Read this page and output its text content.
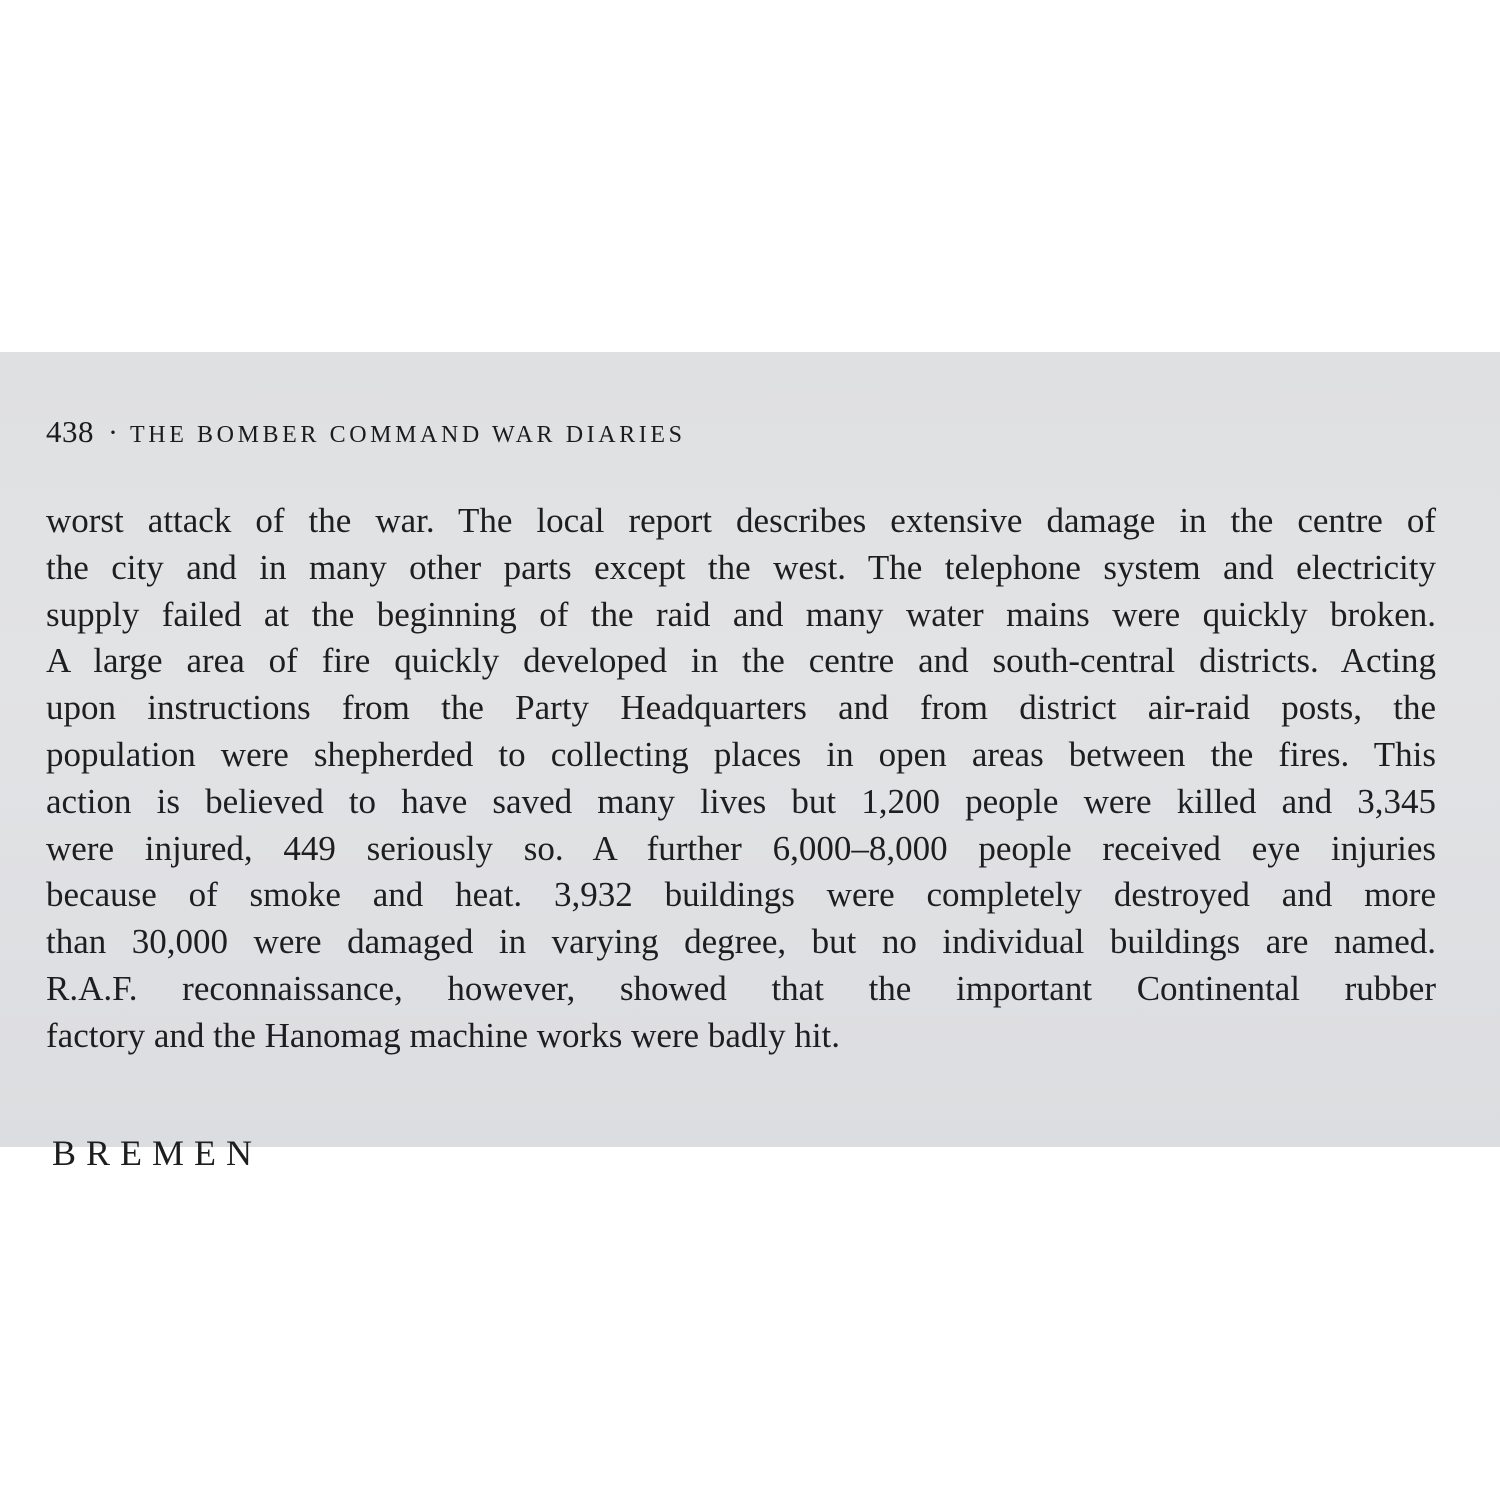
438 · THE BOMBER COMMAND WAR DIARIES
worst attack of the war. The local report describes extensive damage in the centre of
the city and in many other parts except the west. The telephone system and electricity
supply failed at the beginning of the raid and many water mains were quickly broken.
A large area of fire quickly developed in the centre and south-central districts. Acting
upon instructions from the Party Headquarters and from district air-raid posts, the
population were shepherded to collecting places in open areas between the fires. This
action is believed to have saved many lives but 1,200 people were killed and 3,345
were injured, 449 seriously so. A further 6,000–8,000 people received eye injuries
because of smoke and heat. 3,932 buildings were completely destroyed and more
than 30,000 were damaged in varying degree, but no individual buildings are named.
R.A.F. reconnaissance, however, showed that the important Continental rubber
factory and the Hanomag machine works were badly hit.
BREMEN
